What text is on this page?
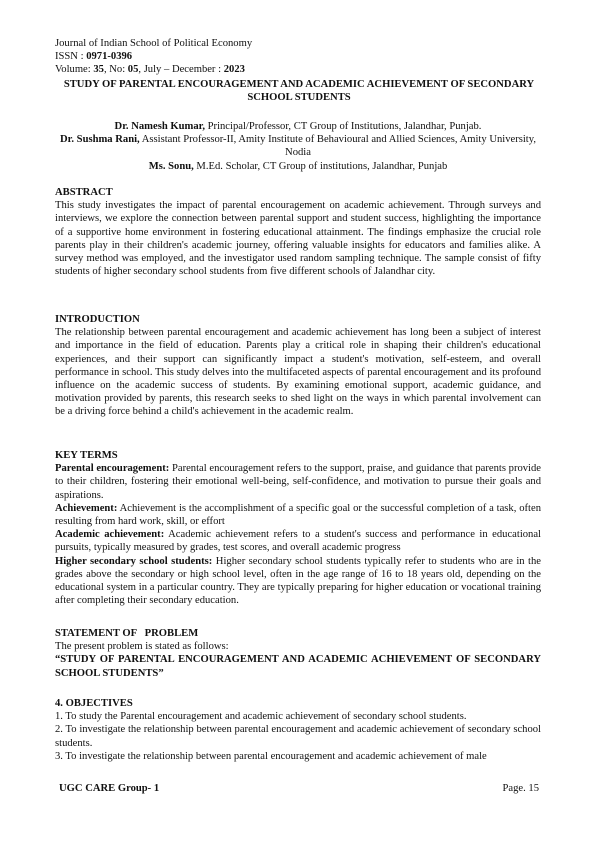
Journal of Indian School of Political Economy

ISSN : 0971-0396

Volume: 35, No: 05, July – December : 2023

STUDY OF PARENTAL ENCOURAGEMENT AND ACADEMIC ACHIEVEMENT OF SECONDARY SCHOOL STUDENTS

Dr. Namesh Kumar, Principal/Professor, CT Group of Institutions, Jalandhar, Punjab.

Dr. Sushma Rani, Assistant Professor-II, Amity Institute of Behavioural and Allied Sciences, Amity University, Nodia

Ms. Sonu, M.Ed. Scholar, CT Group of institutions, Jalandhar, Punjab

ABSTRACT

This study investigates the impact of parental encouragement on academic achievement. Through surveys and interviews, we explore the connection between parental support and student success, highlighting the importance of a supportive home environment in fostering educational attainment. The findings emphasize the crucial role parents play in their children's academic journey, offering valuable insights for educators and families alike. A survey method was employed, and the investigator used random sampling technique. The sample consist of fifty students of higher secondary school students from five different schools of Jalandhar city.

INTRODUCTION

The relationship between parental encouragement and academic achievement has long been a subject of interest and importance in the field of education. Parents play a critical role in shaping their children's educational experiences, and their support can significantly impact a student's motivation, self-esteem, and overall performance in school. This study delves into the multifaceted aspects of parental encouragement and its profound influence on the academic success of students. By examining emotional support, academic guidance, and motivation provided by parents, this research seeks to shed light on the ways in which parental involvement can be a driving force behind a child's achievement in the academic realm.

KEY TERMS

Parental encouragement: Parental encouragement refers to the support, praise, and guidance that parents provide to their children, fostering their emotional well-being, self-confidence, and motivation to pursue their goals and aspirations.

Achievement: Achievement is the accomplishment of a specific goal or the successful completion of a task, often resulting from hard work, skill, or effort

Academic achievement: Academic achievement refers to a student's success and performance in educational pursuits, typically measured by grades, test scores, and overall academic progress

Higher secondary school students: Higher secondary school students typically refer to students who are in the grades above the secondary or high school level, often in the age range of 16 to 18 years old, depending on the educational system in a particular country. They are typically preparing for higher education or vocational training after completing their secondary education.

STATEMENT OF   PROBLEM

The present problem is stated as follows:

“STUDY OF PARENTAL ENCOURAGEMENT AND ACADEMIC ACHIEVEMENT OF SECONDARY SCHOOL STUDENTS”

4. OBJECTIVES

1. To study the Parental encouragement and academic achievement of secondary school students.

2. To investigate the relationship between parental encouragement and academic achievement of secondary school students.

3. To investigate the relationship between parental encouragement and academic achievement of male

UGC CARE Group- 1	Page. 15
